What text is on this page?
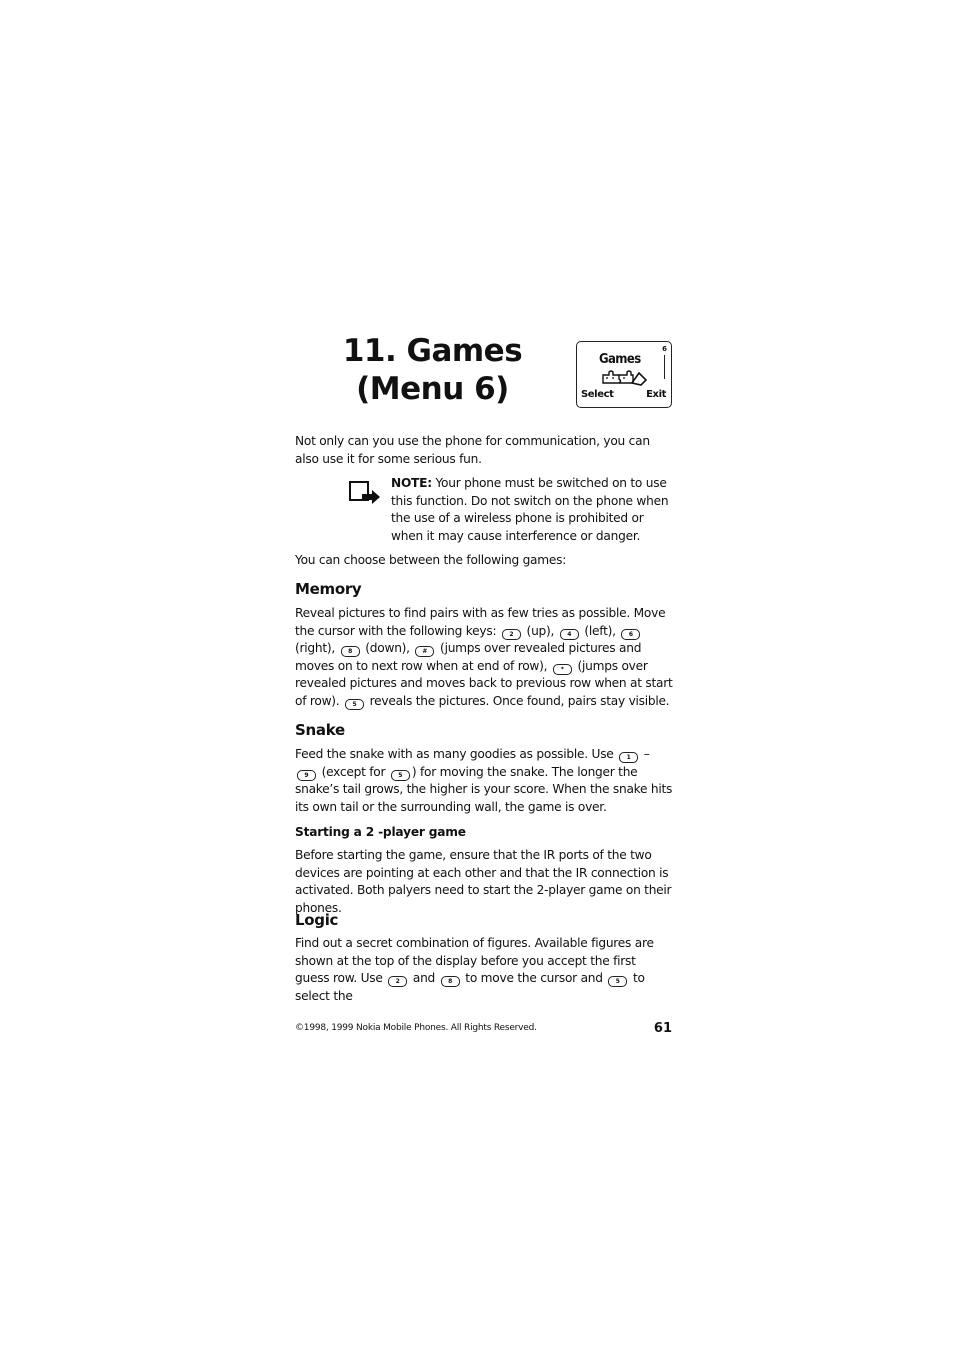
11. Games
(Menu 6)
Games
6
Select	Exit

Not only can you use the phone for communication, you can also use it for some serious fun.

NOTE: Your phone must be switched on to use this function. Do not switch on the phone when the use of a wireless phone is prohibited or when it may cause interference or danger.

You can choose between the following games:

Memory

Reveal pictures to find pairs with as few tries as possible. Move the cursor with the following keys: 2 (up), 4 (left), 6 (right), 8 (down), # (jumps over revealed pictures and moves on to next row when at end of row), * (jumps over revealed pictures and moves back to previous row when at start of row). 5 reveals the pictures. Once found, pairs stay visible.

Snake

Feed the snake with as many goodies as possible. Use 1 – 9 (except for 5 ) for moving the snake. The longer the snake’s tail grows, the higher is your score. When the snake hits its own tail or the surrounding wall, the game is over.

Starting a 2 -player game

Before starting the game, ensure that the IR ports of the two devices are pointing at each other and that the IR connection is activated. Both palyers need to start the 2-player game on their phones.

Logic

Find out a secret combination of figures. Available figures are shown at the top of the display before you accept the first guess row. Use 2 and 8 to move the cursor and 5 to select the

©1998, 1999 Nokia Mobile Phones. All Rights Reserved.	61
